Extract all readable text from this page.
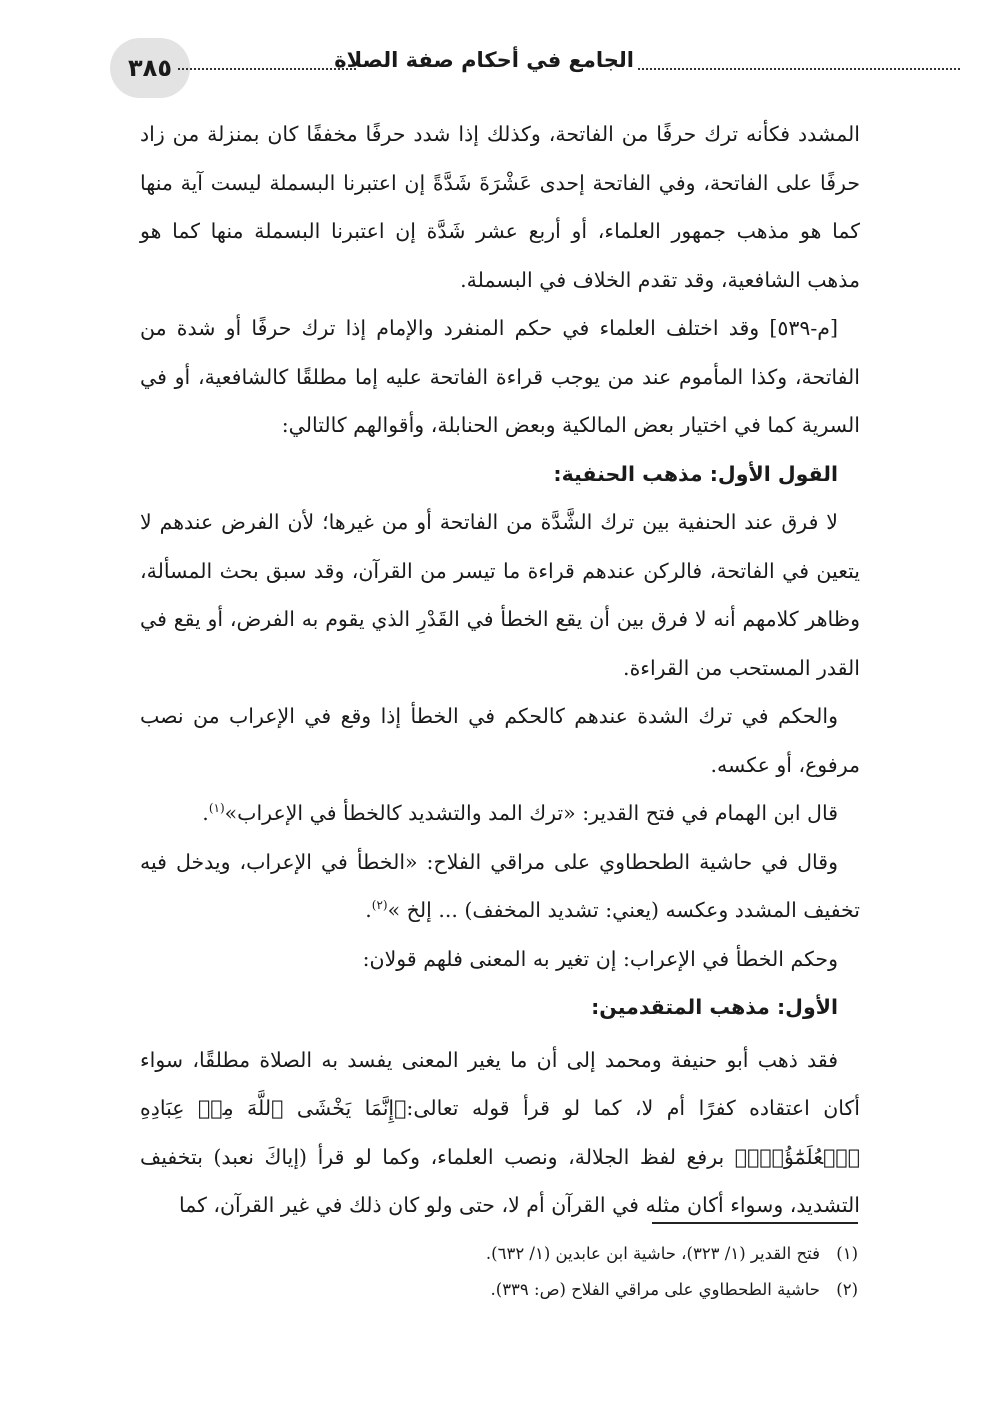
٣٨٥	الجامع في أحكام صفة الصلاة

المشدد فكأنه ترك حرفًا من الفاتحة، وكذلك إذا شدد حرفًا مخففًا كان بمنزلة من زاد حرفًا على الفاتحة، وفي الفاتحة إحدى عَشْرَةَ شَدَّةً إن اعتبرنا البسملة ليست آية منها كما هو مذهب جمهور العلماء، أو أربع عشر شَدَّة إن اعتبرنا البسملة منها كما هو مذهب الشافعية، وقد تقدم الخلاف في البسملة.

[م-٥٣٩] وقد اختلف العلماء في حكم المنفرد والإمام إذا ترك حرفًا أو شدة من الفاتحة، وكذا المأموم عند من يوجب قراءة الفاتحة عليه إما مطلقًا كالشافعية، أو في السرية كما في اختيار بعض المالكية وبعض الحنابلة، وأقوالهم كالتالي:

القول الأول: مذهب الحنفية:

لا فرق عند الحنفية بين ترك الشَّدَّة من الفاتحة أو من غيرها؛ لأن الفرض عندهم لا يتعين في الفاتحة، فالركن عندهم قراءة ما تيسر من القرآن، وقد سبق بحث المسألة، وظاهر كلامهم أنه لا فرق بين أن يقع الخطأ في القَدْرِ الذي يقوم به الفرض، أو يقع في القدر المستحب من القراءة.

والحكم في ترك الشدة عندهم كالحكم في الخطأ إذا وقع في الإعراب من نصب مرفوع، أو عكسه.

قال ابن الهمام في فتح القدير: «ترك المد والتشديد كالخطأ في الإعراب»$^{(١)}$.

وقال في حاشية الطحطاوي على مراقي الفلاح: «الخطأ في الإعراب، ويدخل فيه تخفيف المشدد وعكسه (يعني: تشديد المخفف) ... إلخ »$^{(٢)}$.

وحكم الخطأ في الإعراب: إن تغير به المعنى فلهم قولان:

الأول: مذهب المتقدمين:

فقد ذهب أبو حنيفة ومحمد إلى أن ما يغير المعنى يفسد به الصلاة مطلقًا، سواء أكان اعتقاده كفرًا أم لا، كما لو قرأ قوله تعالى:﴿إِنَّمَا يَخْشَى ٱللَّهَ مِنۡ عِبَادِهِ ٱلۡعُلَمَٰٓؤُاْۗ﴾ برفع لفظ الجلالة، ونصب العلماء، وكما لو قرأ (إياكَ نعبد) بتخفيف التشديد، وسواء أكان مثله في القرآن أم لا، حتى ولو كان ذلك في غير القرآن، كما

(١)فتح القدير (١/ ٣٢٣)، حاشية ابن عابدين (١/ ٦٣٢).
(٢)حاشية الطحطاوي على مراقي الفلاح (ص: ٣٣٩).
